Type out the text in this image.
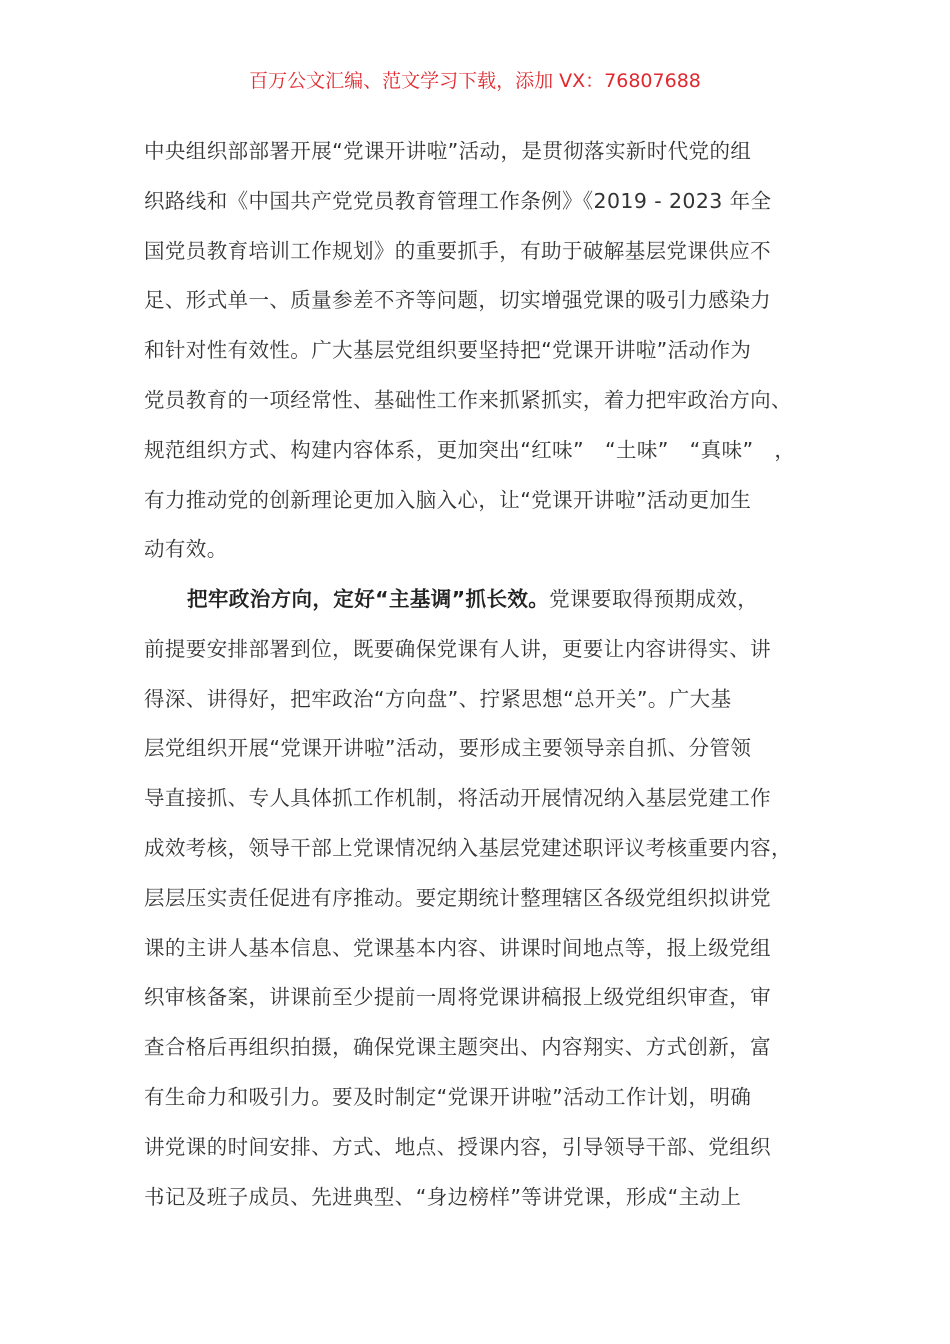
百万公文汇编、范文学习下载，添加 VX：76807688
中央组织部部署开展“党课开讲啦”活动，是贯彻落实新时代党的组
织路线和《中国共产党党员教育管理工作条例》《2019 - 2023 年全
国党员教育培训工作规划》的重要抓手，有助于破解基层党课供应不
足、形式单一、质量参差不齐等问题，切实增强党课的吸引力感染力
和针对性有效性。广大基层党组织要坚持把“党课开讲啦”活动作为
党员教育的一项经常性、基础性工作来抓紧抓实，着力把牢政治方向、
规范组织方式、构建内容体系，更加突出“红味”　“土味”　“真味”　，
有力推动党的创新理论更加入脑入心，让“党课开讲啦”活动更加生
动有效。
把牢政治方向，定好“主基调”抓长效。党课要取得预期成效，
前提要安排部署到位，既要确保党课有人讲，更要让内容讲得实、讲
得深、讲得好，把牢政治“方向盘”、拧紧思想“总开关”。广大基
层党组织开展“党课开讲啦”活动，要形成主要领导亲自抓、分管领
导直接抓、专人具体抓工作机制，将活动开展情况纳入基层党建工作
成效考核，领导干部上党课情况纳入基层党建述职评议考核重要内容，
层层压实责任促进有序推动。要定期统计整理辖区各级党组织拟讲党
课的主讲人基本信息、党课基本内容、讲课时间地点等，报上级党组
织审核备案，讲课前至少提前一周将党课讲稿报上级党组织审查，审
查合格后再组织拍摄，确保党课主题突出、内容翔实、方式创新，富
有生命力和吸引力。要及时制定“党课开讲啦”活动工作计划，明确
讲党课的时间安排、方式、地点、授课内容，引导领导干部、党组织
书记及班子成员、先进典型、“身边榜样”等讲党课，形成“主动上
